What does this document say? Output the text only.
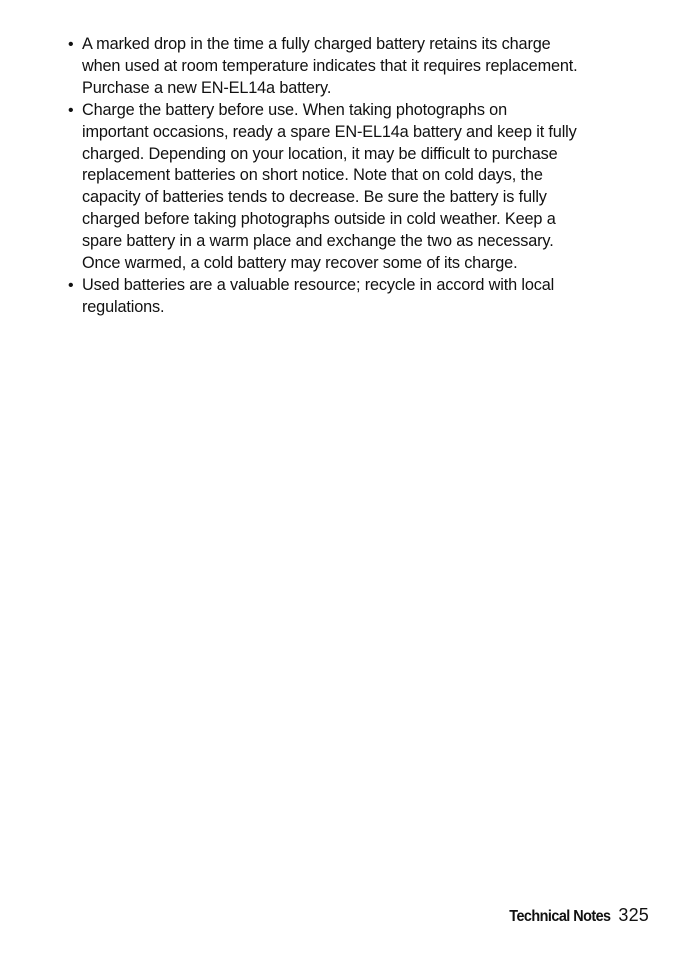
• A marked drop in the time a fully charged battery retains its charge
when used at room temperature indicates that it requires replacement.
Purchase a new EN-EL14a battery.
• Charge the battery before use. When taking photographs on
important occasions, ready a spare EN-EL14a battery and keep it fully
charged. Depending on your location, it may be difficult to purchase
replacement batteries on short notice. Note that on cold days, the
capacity of batteries tends to decrease. Be sure the battery is fully
charged before taking photographs outside in cold weather. Keep a
spare battery in a warm place and exchange the two as necessary.
Once warmed, a cold battery may recover some of its charge.
• Used batteries are a valuable resource; recycle in accord with local
regulations.
Technical Notes 325
